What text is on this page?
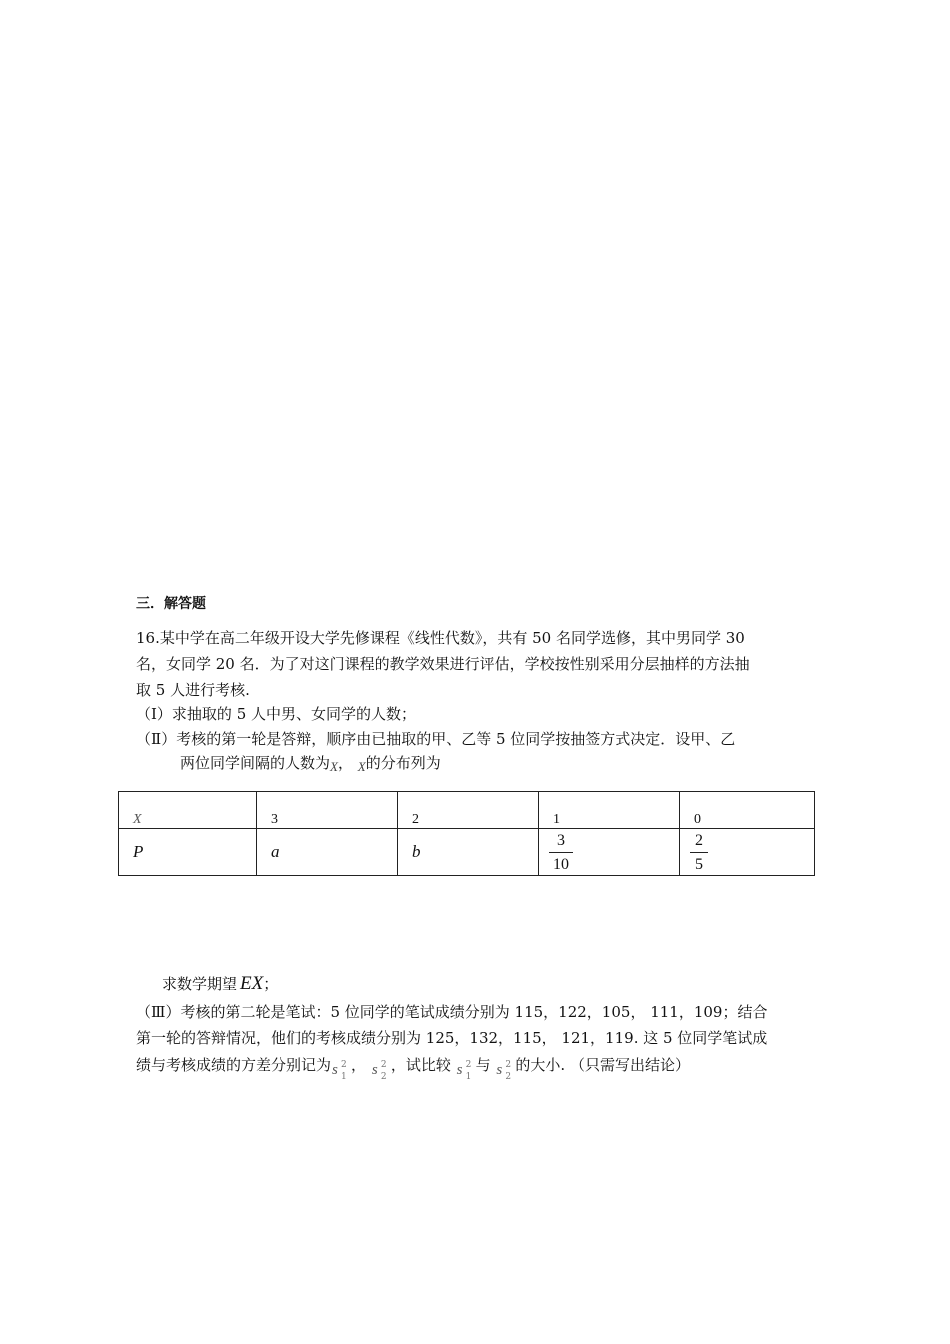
三．解答题
16.某中学在高二年级开设大学先修课程《线性代数》，共有 50 名同学选修，其中男同学 30
名，女同学 20 名．为了对这门课程的教学效果进行评估，学校按性别采用分层抽样的方法抽
取 5 人进行考核.
（Ⅰ）求抽取的 5 人中男、女同学的人数；
（Ⅱ）考核的第一轮是答辩，顺序由已抽取的甲、乙等 5 位同学按抽签方式决定．设甲、乙
两位同学间隔的人数为X， X的分布列为
X	3	2	1	0
P	a	b	$\frac{3}{10}$	$\frac{2}{5}$
求数学期望 EX；
（Ⅲ）考核的第二轮是笔试：5 位同学的笔试成绩分别为 115，122，105， 111，109；结合
第一轮的答辩情况，他们的考核成绩分别为 125，132，115， 121，119. 这 5 位同学笔试成
绩与考核成绩的方差分别记为 s 2
1
， s 2
2
，试比较 s 2
1
与 s 2
2
的大小. （只需写出结论）
